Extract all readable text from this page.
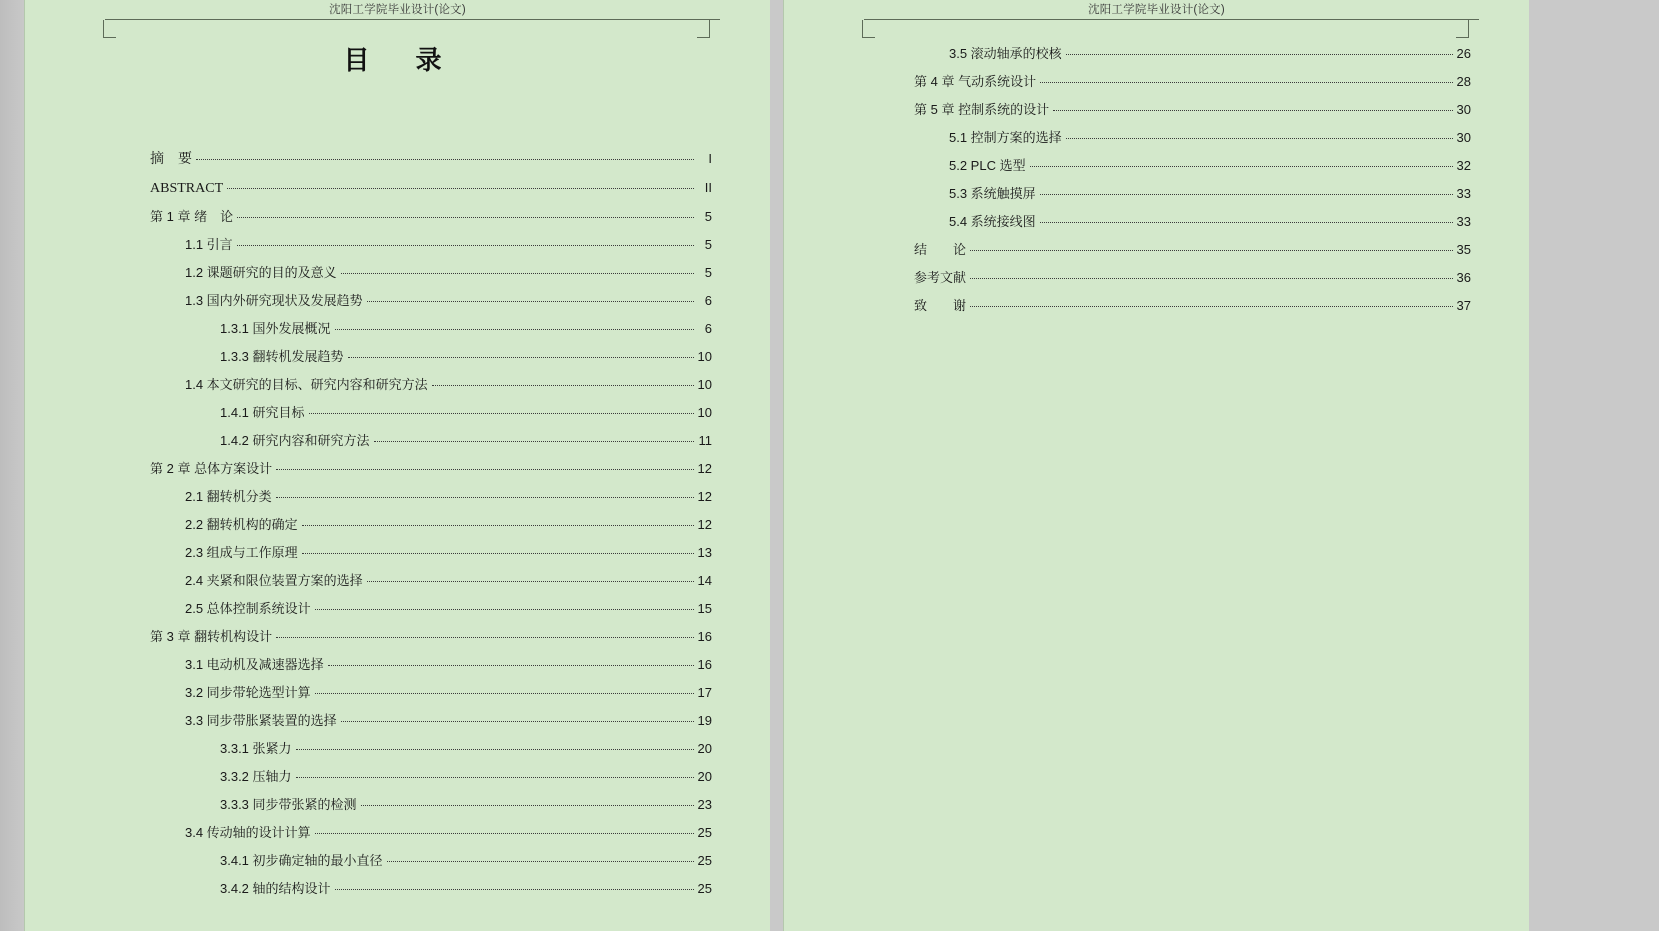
沈阳工学院毕业设计(论文)
目　录
摘　要	I
ABSTRACT	II
第 1 章 绪　论	5
1.1 引言	5
1.2 课题研究的目的及意义	5
1.3 国内外研究现状及发展趋势	6
1.3.1 国外发展概况	6
1.3.3 翻转机发展趋势	10
1.4 本文研究的目标、研究内容和研究方法	10
1.4.1 研究目标	10
1.4.2 研究内容和研究方法	11
第 2 章 总体方案设计	12
2.1 翻转机分类	12
2.2 翻转机构的确定	12
2.3 组成与工作原理	13
2.4 夹紧和限位装置方案的选择	14
2.5 总体控制系统设计	15
第 3 章 翻转机构设计	16
3.1 电动机及减速器选择	16
3.2 同步带轮选型计算	17
3.3 同步带胀紧装置的选择	19
3.3.1 张紧力	20
3.3.2 压轴力	20
3.3.3 同步带张紧的检测	23
3.4 传动轴的设计计算	25
3.4.1 初步确定轴的最小直径	25
3.4.2 轴的结构设计	25
沈阳工学院毕业设计(论文)
3.5 滚动轴承的校核	26
第 4 章 气动系统设计	28
第 5 章 控制系统的设计	30
5.1 控制方案的选择	30
5.2 PLC 选型	32
5.3 系统触摸屏	33
5.4 系统接线图	33
结　　论	35
参考文献	36
致　　谢	37
